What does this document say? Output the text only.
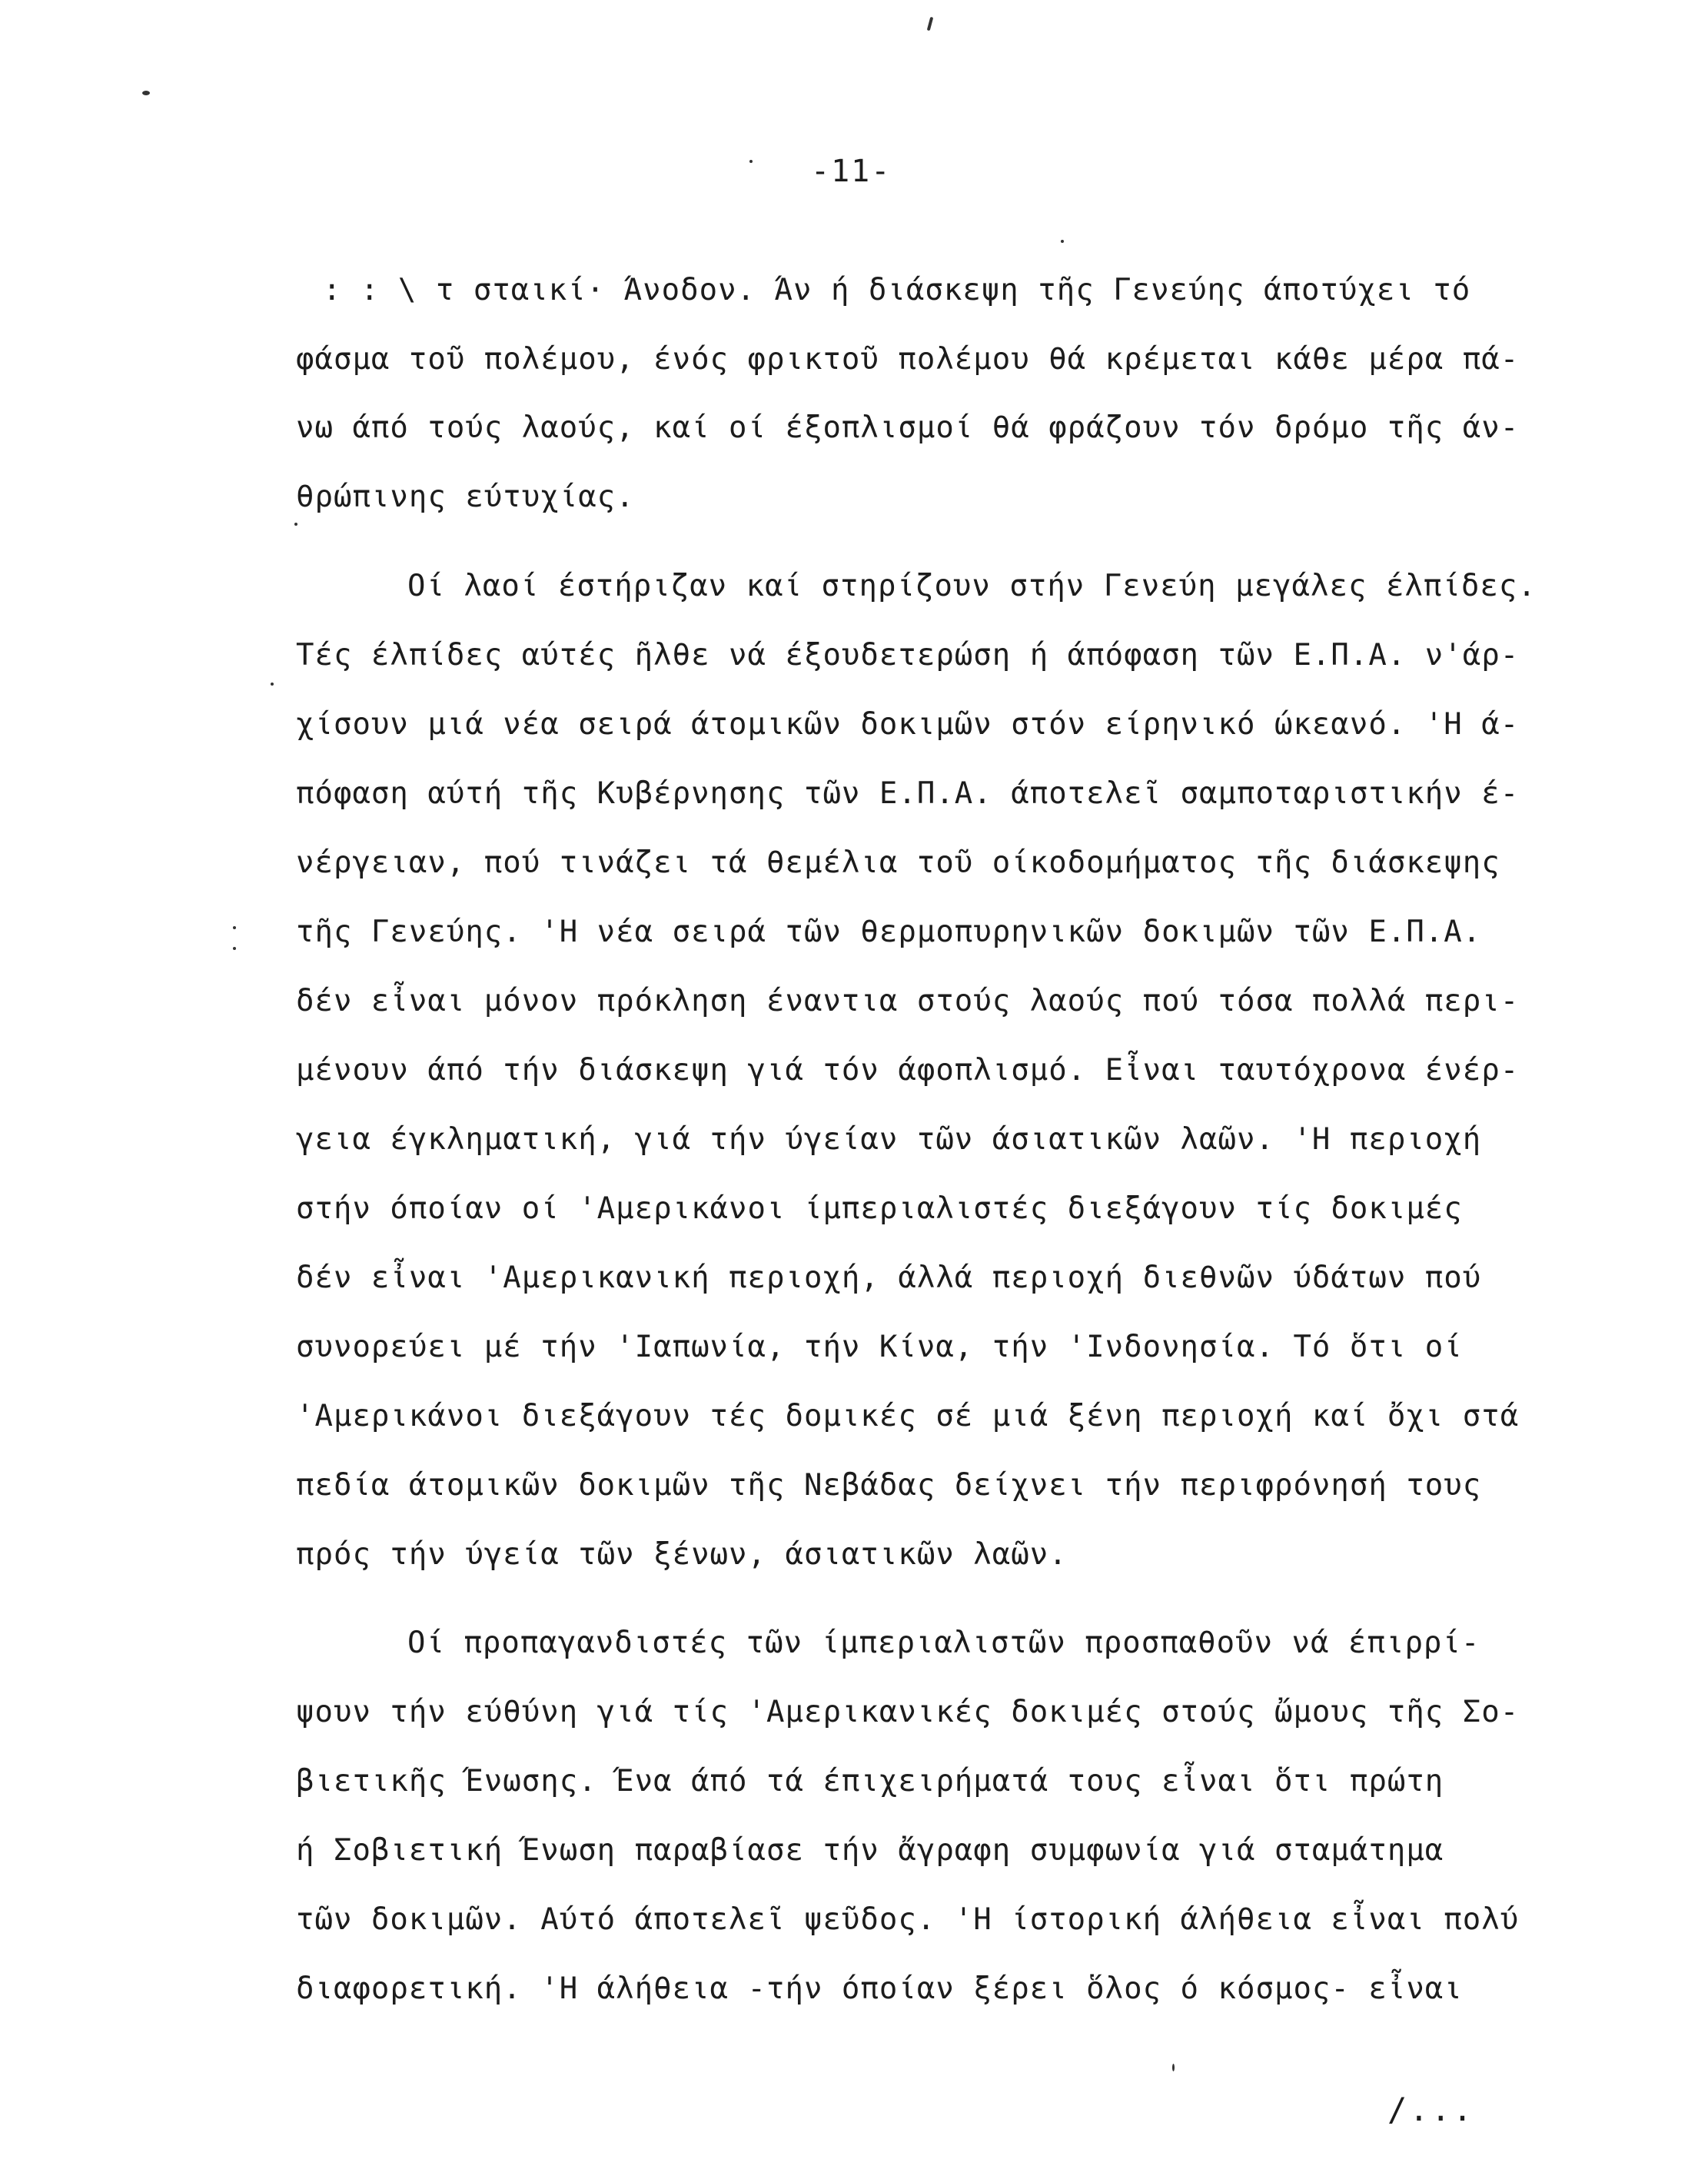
-11-
: : \ τ σταικί· Άνοδον. Άν ή διάσκεψη τῆς Γενεύης άποτύχει τό
φάσμα τοῦ πολέμου, ένός φρικτοῦ πολέμου θά κρέμεται κάθε μέρα πά-
νω άπό τούς λαούς, καί οί έξοπλισμοί θά φράζουν τόν δρόμο τῆς άν-
θρώπινης εύτυχίας.
Οί λαοί έστήριζαν καί στηρίζουν στήν Γενεύη μεγάλες έλπίδες.
Τές έλπίδες αύτές ῆλθε νά έξουδετερώση ή άπόφαση τῶν Ε.Π.Α. ν'άρ-
χίσουν μιά νέα σειρά άτομικῶν δοκιμῶν στόν είρηνικό ώκεανό. 'Η ά-
πόφαση αύτή τῆς Κυβέρνησης τῶν Ε.Π.Α. άποτελεῖ σαμποταριστικήν έ-
νέργειαν, πού τινάζει τά θεμέλια τοῦ οίκοδομήματος τῆς διάσκεψης
τῆς Γενεύης. 'Η νέα σειρά τῶν θερμοπυρηνικῶν δοκιμῶν τῶν Ε.Π.Α.
δέν εἶναι μόνον πρόκληση έναντια στούς λαούς πού τόσα πολλά περι-
μένουν άπό τήν διάσκεψη γιά τόν άφοπλισμό. Εἶναι ταυτόχρονα ένέρ-
γεια έγκληματική, γιά τήν ύγείαν τῶν άσιατικῶν λαῶν. 'Η περιοχή
στήν όποίαν οί 'Αμερικάνοι ίμπεριαλιστές διεξάγουν τίς δοκιμές
δέν εἶναι 'Αμερικανική περιοχή, άλλά περιοχή διεθνῶν ύδάτων πού
συνορεύει μέ τήν 'Ιαπωνία, τήν Κίνα, τήν 'Ινδονησία. Τό ὅτι οί
'Αμερικάνοι διεξάγουν τές δομικές σέ μιά ξένη περιοχή καί ὄχι στά
πεδία άτομικῶν δοκιμῶν τῆς Νεβάδας δείχνει τήν περιφρόνησή τους
πρός τήν ύγεία τῶν ξένων, άσιατικῶν λαῶν.
Οί προπαγανδιστές τῶν ίμπεριαλιστῶν προσπαθοῦν νά έπιρρί-
ψουν τήν εύθύνη γιά τίς 'Αμερικανικές δοκιμές στούς ὤμους τῆς Σο-
βιετικῆς Ένωσης. Ένα άπό τά έπιχειρήματά τους εἶναι ὅτι πρώτη
ή Σοβιετική Ένωση παραβίασε τήν ἄγραφη συμφωνία γιά σταμάτημα
τῶν δοκιμῶν. Αύτό άποτελεῖ ψεῦδος. 'Η ίστορική άλήθεια εἶναι πολύ
διαφορετική. 'Η άλήθεια -τήν όποίαν ξέρει ὅλος ό κόσμος- εἶναι
/...
